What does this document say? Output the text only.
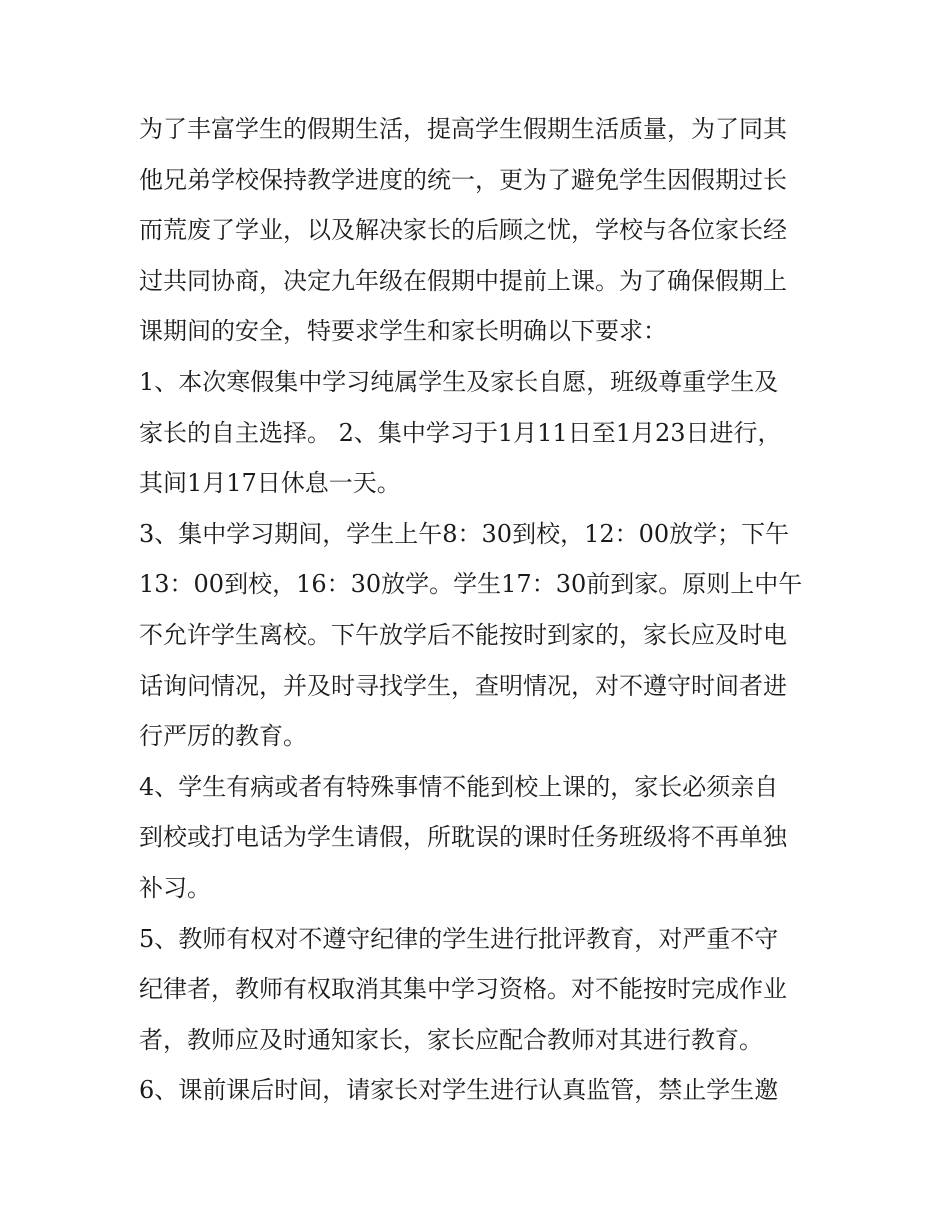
为了丰富学生的假期生活，提高学生假期生活质量，为了同其
他兄弟学校保持教学进度的统一，更为了避免学生因假期过长
而荒废了学业，以及解决家长的后顾之忧，学校与各位家长经
过共同协商，决定九年级在假期中提前上课。为了确保假期上
课期间的安全，特要求学生和家长明确以下要求：
1、本次寒假集中学习纯属学生及家长自愿，班级尊重学生及
家长的自主选择。 2、集中学习于1月11日至1月23日进行，
其间1月17日休息一天。
3、集中学习期间，学生上午8：30到校，12：00放学；下午
13：00到校，16：30放学。学生17：30前到家。原则上中午
不允许学生离校。下午放学后不能按时到家的，家长应及时电
话询问情况，并及时寻找学生，查明情况，对不遵守时间者进
行严厉的教育。
4、学生有病或者有特殊事情不能到校上课的，家长必须亲自
到校或打电话为学生请假，所耽误的课时任务班级将不再单独
补习。
5、教师有权对不遵守纪律的学生进行批评教育，对严重不守
纪律者，教师有权取消其集中学习资格。对不能按时完成作业
者，教师应及时通知家长，家长应配合教师对其进行教育。
6、课前课后时间，请家长对学生进行认真监管，禁止学生邀
